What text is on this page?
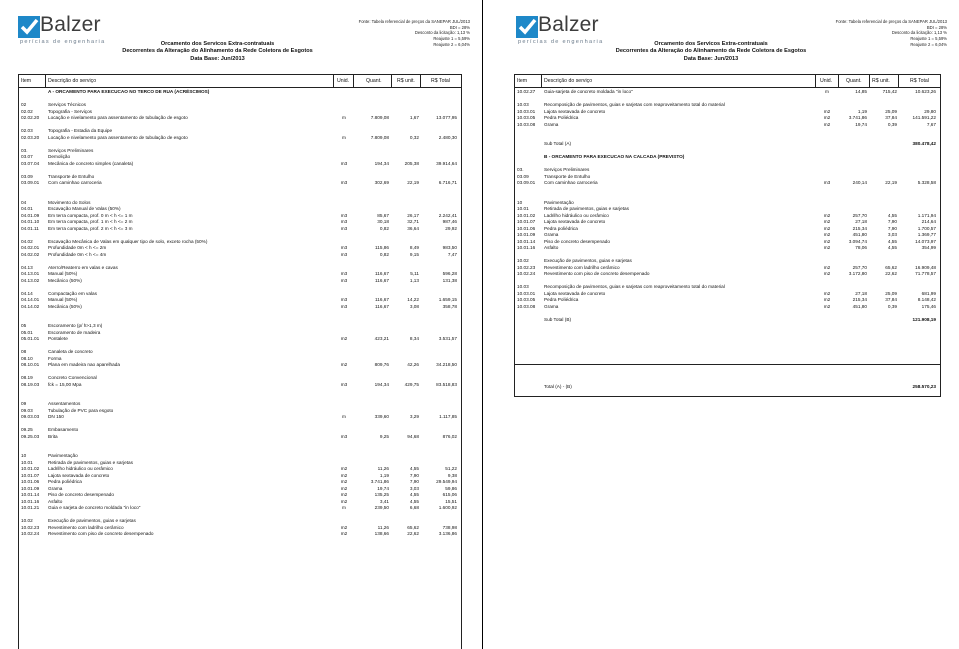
Balzer
perícias de engenharia
Fonte: Tabela referencial de preços da SANEPAR JUL/2013
BDI = 28%
Desconto da licitação: 1,13 %
Reajuste 1 = 5,59%
Reajuste 2 = 6,04%
Orcamento dos Servicos Extra-contratuais
Decorrentes da Alteração do Alinhamento da Rede Coletora de Esgotos
Data Base: Jun/2013
Item	Descrição do serviço	Unid.	Quant.	R$ unit.	R$ Total
A - ORCAMENTO PARA EXECUCAO NO TERCO DE RUA (ACRÉSCIMOS)
02	Serviços Técnicos
02.02	Topografia - Serviços
02.02.20 Locação e nivelamento para assentamento de tubulação de esgoto	m	7.809,08	1,67	13.077,95
02.03	Topografia - Estadia da Equipe
02.03.20 Locação e nivelamento para assentamento de tubulação de esgoto	m	7.809,08	0,32	2.480,30
03.	Serviços Preliminares
03.07	Demolição
03.07.04 Mecânica de concreto simples (canaleta)	m3	194,34	205,38	39.914,64
03.09	Transporte de Entulho
03.09.01 Com caminhao carroceria	m3	302,69	22,19	6.716,71
04	Movimento do Solos
04.01	Escavação Manual de Valas (50%)
04.01.09 Em terra compacta, prof. 0 m < h <= 1 m	m3	85,67	26,17	2.242,41
04.01.10 Em terra compacta, prof. 1 m < h <= 2 m	m3	30,18	32,71	987,46
04.01.11 Em terra compacta, prof. 2 m < h <= 3 m	m3	0,82	36,64	29,92
04.02	Escavação Mecânica de Valas em qualquer tipo de solo, exceto rocha (50%)
04.02.01 Profundidade 0m < h <= 2m	m3	115,86	8,49	983,50
04.02.02 Profundidade 0m < h <= 4m	m3	0,82	9,15	7,47
04.13	Aterro/Reaterro em valas e cavas
04.13.01 Manual (50%)	m3	116,67	5,11	596,28
04.13.02 Mecânico (50%)	m3	116,67	1,13	131,38
04.14	Compactação em valas
04.14.01 Manual (50%)	m3	116,67	14,22	1.659,15
04.14.02 Mecânica (50%)	m3	116,67	3,08	358,78
05	Escoramento (p/ h>1,3 m)
05.01	Escoramento de madeira
05.01.01 Pontalete	m2	423,21	8,34	3.531,57
08	Canaleta de concreto
08.10	Forma
08.10.01 Plana em madeira nao aparelhada	m2	809,76	42,26	34.218,50
08.19	Concreto Convencional
08.19.03 fck = 15,00 Mpa	m3	194,34	429,75	83.518,83
09	Assentamentos
09.03	Tubulação de PVC para esgoto
09.03.03 DN 150	m	339,60	3,29	1.117,85
09.25	Embasamento
09.25.03 Brita	m3	9,25	94,68	876,02
10	Pavimentação
10.01	Retirada de pavimentos, guias e sarjetas
10.01.02 Ladrilho hidráulico ou cerâmico	m2	11,26	4,55	51,22
10.01.07 Lajota sextavada de concreto	m2	1,19	7,90	9,38
10.01.06 Pedra poliédrica	m2	3.741,86	7,90	29.549,94
10.01.09 Grama	m2	19,74	3,03	59,86
10.01.14 Piso de concreto desempenado	m2	135,25	4,55	615,06
10.01.16 Asfalto	m2	3,41	4,55	15,51
10.01.21 Guia e sarjeta de concreto moldada "in loco"	m	239,50	6,68	1.600,92
10.02	Execução de pavimentos, guias e sarjetas
10.02.23 Revestimento com ladrilho cerâmico	m2	11,26	65,62	738,98
10.02.24 Revestimento com piso de concreto desempenado	m2	138,66	22,62	3.136,86
Balzer
perícias de engenharia
Fonte: Tabela referencial de preços da SANEPAR JUL/2013
BDI = 28%
Desconto da licitação: 1,13 %
Reajuste 1 = 5,59%
Reajuste 2 = 6,04%
Orcamento dos Servicos Extra-contratuais
Decorrentes da Alteração do Alinhamento da Rede Coletora de Esgotos
Data Base: Jun/2013
Item	Descrição do serviço	Unid.	Quant. R$ unit.	R$ Total
10.02.27 Guia-sarjeta de concreto moldada "in loco"	m	14,85	715,42	10.623,26
10.03	Recomposição de pavimentos, guias e sarjetas com reaproveitamento total do material
10.03.01 Lajota sextavada de concreto	m2	1,19	25,09	29,80
10.03.05 Pedra Poliédrica	m2	3.741,86	37,84	141.591,22
10.03.08 Grama	m2	19,74	0,39	7,67
Sub Total (A)	380.478,42
B - ORCAMENTO PARA EXECUCAO NA CALCADA (PREVISTO)
03.	Serviços Preliminares
03.09	Transporte de Entulho
03.09.01 Com caminhao carroceria	m3	240,14	22,19	5.328,58
10	Pavimentação
10.01	Retirada de pavimentos, guias e sarjetas
10.01.02 Ladrilho hidráulico ou cerâmico	m2	257,70	4,55	1.171,94
10.01.07 Lajota sextavada de concreto	m2	27,18	7,90	214,64
10.01.06 Pedra poliédrica	m2	215,34	7,90	1.700,57
10.01.09 Grama	m2	451,80	3,03	1.369,77
10.01.14 Piso de concreto desempenado	m2	3.094,74	4,55	14.073,97
10.01.16 Asfalto	m2	78,06	4,55	354,99
10.02	Execução de pavimentos, guias e sarjetas
10.02.23 Revestimento com ladrilho cerâmico	m2	257,70	65,62	16.909,48
10.02.24 Revestimento com piso de concreto desempenado	m2	3.172,80	22,62	71.778,57
10.03	Recomposição de pavimentos, guias e sarjetas com reaproveitamento total do material
10.03.01 Lajota sextavada de concreto	m2	27,18	25,09	681,99
10.03.05 Pedra Poliédrica	m2	215,34	37,84	8.148,42
10.03.08 Grama	m2	451,80	0,39	175,46
Sub Total (B)	121.908,19
Total (A) - (B)	258.570,23
